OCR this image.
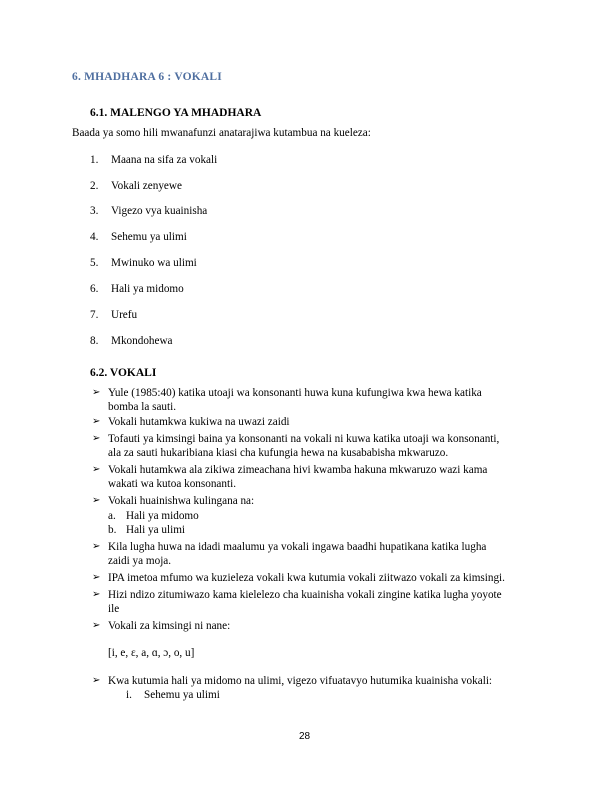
6. MHADHARA 6 : VOKALI
6.1. MALENGO YA MHADHARA
Baada ya somo hili mwanafunzi anatarajiwa kutambua na kueleza:
1. Maana na sifa za vokali
2. Vokali zenyewe
3. Vigezo vya kuainisha
4. Sehemu ya ulimi
5. Mwinuko wa ulimi
6. Hali ya midomo
7. Urefu
8. Mkondohewa
6.2. VOKALI
➢ Yule (1985:40) katika utoaji wa konsonanti huwa kuna kufungiwa kwa hewa katika
bomba la sauti.
➢ Vokali hutamkwa kukiwa na uwazi zaidi
➢ Tofauti ya kimsingi baina ya konsonanti na vokali ni kuwa katika utoaji wa konsonanti,
ala za sauti hukaribiana kiasi cha kufungia hewa na kusababisha mkwaruzo.
➢ Vokali hutamkwa ala zikiwa zimeachana hivi kwamba hakuna mkwaruzo wazi kama
wakati wa kutoa konsonanti.
➢ Vokali huainishwa kulingana na:
a. Hali ya midomo
b. Hali ya ulimi
➢ Kila lugha huwa na idadi maalumu ya vokali ingawa baadhi hupatikana katika lugha
zaidi ya moja.
➢ IPA imetoa mfumo wa kuzieleza vokali kwa kutumia vokali ziitwazo vokali za kimsingi.
➢ Hizi ndizo zitumiwazo kama kielelezo cha kuainisha vokali zingine katika lugha yoyote
ile
➢ Vokali za kimsingi ni nane:
[i, e, ɛ, a, ɑ, ɔ, o, u]
➢ Kwa kutumia hali ya midomo na ulimi, vigezo vifuatavyo hutumika kuainisha vokali:
i. Sehemu ya ulimi
28
